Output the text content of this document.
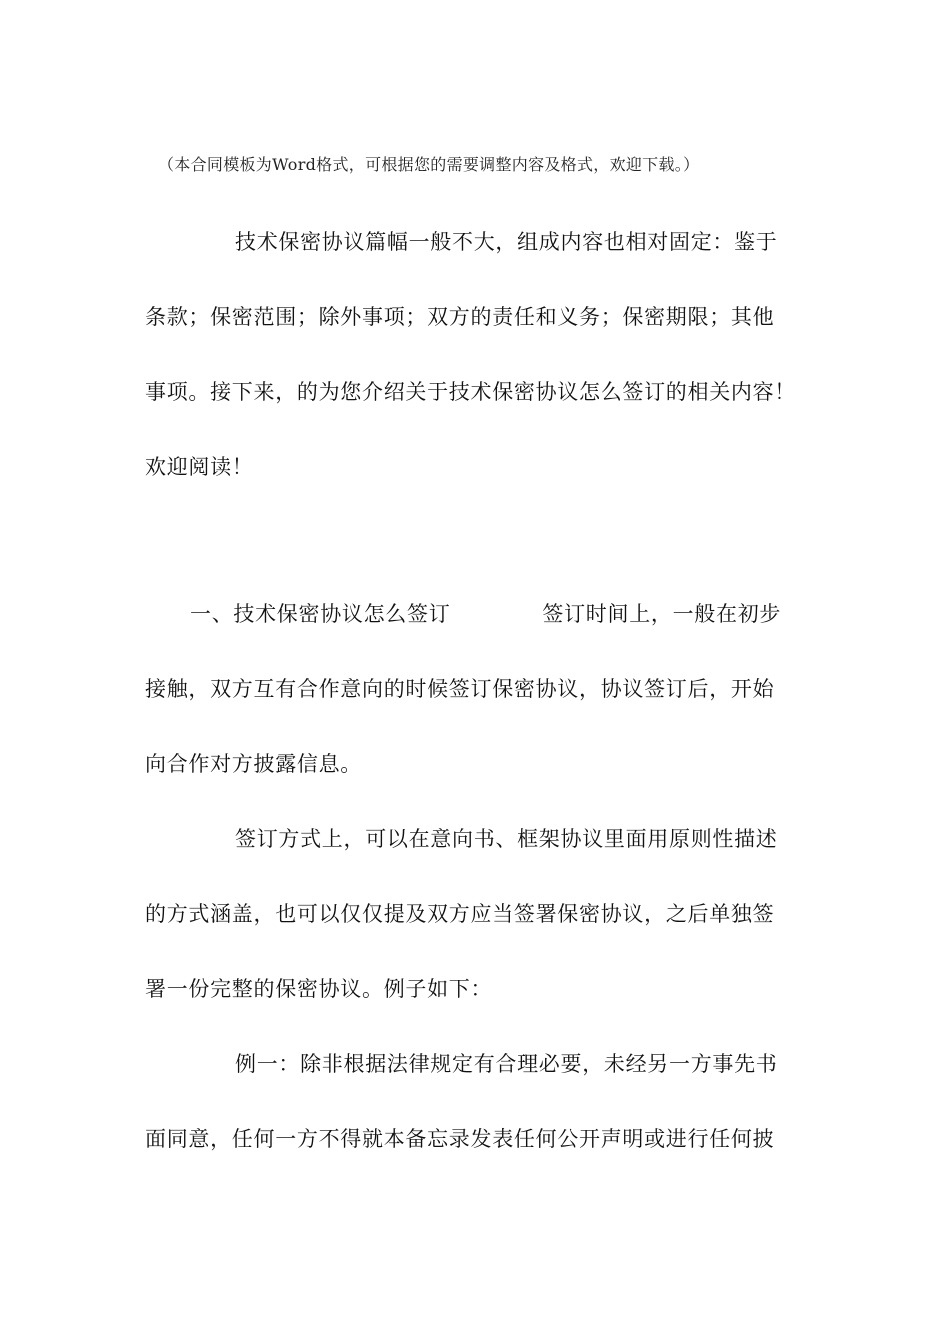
（本合同模板为Word格式，可根据您的需要调整内容及格式，欢迎下载。）
技术保密协议篇幅一般不大，组成内容也相对固定：鉴于
条款；保密范围；除外事项；双方的责任和义务；保密期限；其他
事项。接下来，的为您介绍关于技术保密协议怎么签订的相关内容！
欢迎阅读！
一、技术保密协议怎么签订	签订时间上，一般在初步
接触，双方互有合作意向的时候签订保密协议，协议签订后，开始
向合作对方披露信息。
签订方式上，可以在意向书、框架协议里面用原则性描述
的方式涵盖，也可以仅仅提及双方应当签署保密协议，之后单独签
署一份完整的保密协议。例子如下：
例一：除非根据法律规定有合理必要，未经另一方事先书
面同意，任何一方不得就本备忘录发表任何公开声明或进行任何披
